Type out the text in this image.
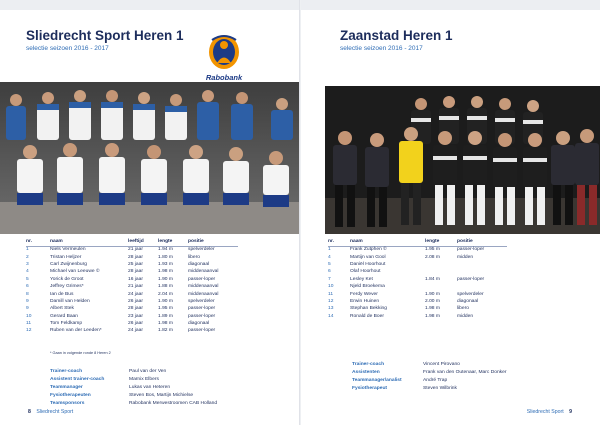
Sliedrecht Sport Heren 1
selectie seizoen 2016 - 2017
Rabobank
nr.	naam	leeftijd	lengte	positie
1	Niels Vermeulen	21 jaar	1.94 m	spelverdeler
2	Tristan Heljzer	28 jaar	1.80 m	libero
3	Carl Zwijnenburg	25 jaar	1.93 m	diagonaal
4	Michael van Leeuwe ©	28 jaar	1.98 m	middenaanval
5	Yorick de Groot	16 jaar	1.90 m	passer-loper
6	Jeffrey Grimes*	21 jaar	1.88 m	middenaanval
8	Ian de Bus	24 jaar	2.04 m	middenaanval
9	Damill van Helden	26 jaar	1.90 m	spelverdeler
9	Albert Stek	28 jaar	1.95 m	passer-loper
10	Gerard Baan	23 jaar	1.89 m	passer-loper
11	Tom Feldkamp	26 jaar	1.98 m	diagonaal
12	Ruben van der Leeden*	24 jaar	1.82 m	passer-loper
* Gaan in volgende ronde 8 Heren 2
Trainer-coach	Paul van der Ven
Assistent trainer-coach	Marnix Elbers
Teammanager	Lukas van Heteren
Fysiotherapeuten	Steven Bos, Martijn Michielse
Teamsponsors	Rabobank Merwestroomen CAB Holland
8 Sliedrecht Sport
Zaanstad Heren 1
selectie seizoen 2016 - 2017
nr.	naam	lengte	positie
1	Frank Zutphen ©	1.95 m	passer-loper
4	Martijn van Gool	2.08 m	midden
5	Daniël Hoorhout		
6	Olaf Hoorhout		
7	Lesley Ket	1.84 m	passer-loper
10	Njeld Broekema		
11	Ferdy Wever	1.90 m	spelverdeler
12	Erwin Huinen	2.00 m	diagonaal
13	Stephan Bekking	1.98 m	libero
14	Ronald de Boer	1.98 m	midden
Trainer-coach	Vincent Pirovano
Assistenten	Frank van den Outenaar, Marc Donker
Teammanager/analist	André Trap
Fysiotherapeut	Steven Wilbrink
Sliedrecht Sport 9
